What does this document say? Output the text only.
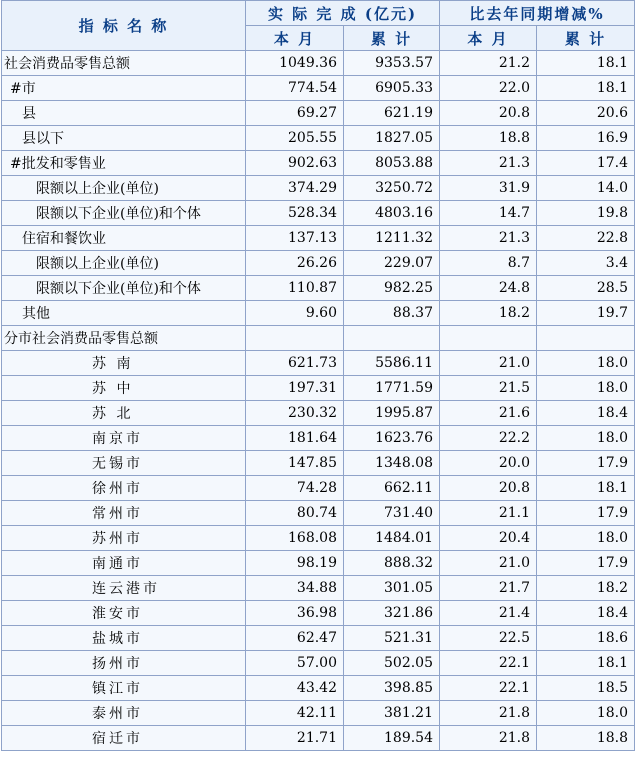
指 标 名 称	实 际 完 成 (亿元)		比去年同期增减%	
	本 月	累 计	本 月	累 计
社会消费品零售总额	1049.36	9353.57	21.2	18.1
#市	774.54	6905.33	22.0	18.1
县	69.27	621.19	20.8	20.6
县以下	205.55	1827.05	18.8	16.9
#批发和零售业	902.63	8053.88	21.3	17.4
限额以上企业(单位)	374.29	3250.72	31.9	14.0
限额以下企业(单位)和个体	528.34	4803.16	14.7	19.8
住宿和餐饮业	137.13	1211.32	21.3	22.8
限额以上企业(单位)	26.26	229.07	8.7	3.4
限额以下企业(单位)和个体	110.87	982.25	24.8	28.5
其他	9.60	88.37	18.2	19.7
分市社会消费品零售总额				
苏 南	621.73	5586.11	21.0	18.0
苏 中	197.31	1771.59	21.5	18.0
苏 北	230.32	1995.87	21.6	18.4
南京市	181.64	1623.76	22.2	18.0
无锡市	147.85	1348.08	20.0	17.9
徐州市	74.28	662.11	20.8	18.1
常州市	80.74	731.40	21.1	17.9
苏州市	168.08	1484.01	20.4	18.0
南通市	98.19	888.32	21.0	17.9
连云港市	34.88	301.05	21.7	18.2
淮安市	36.98	321.86	21.4	18.4
盐城市	62.47	521.31	22.5	18.6
扬州市	57.00	502.05	22.1	18.1
镇江市	43.42	398.85	22.1	18.5
泰州市	42.11	381.21	21.8	18.0
宿迁市	21.71	189.54	21.8	18.8
